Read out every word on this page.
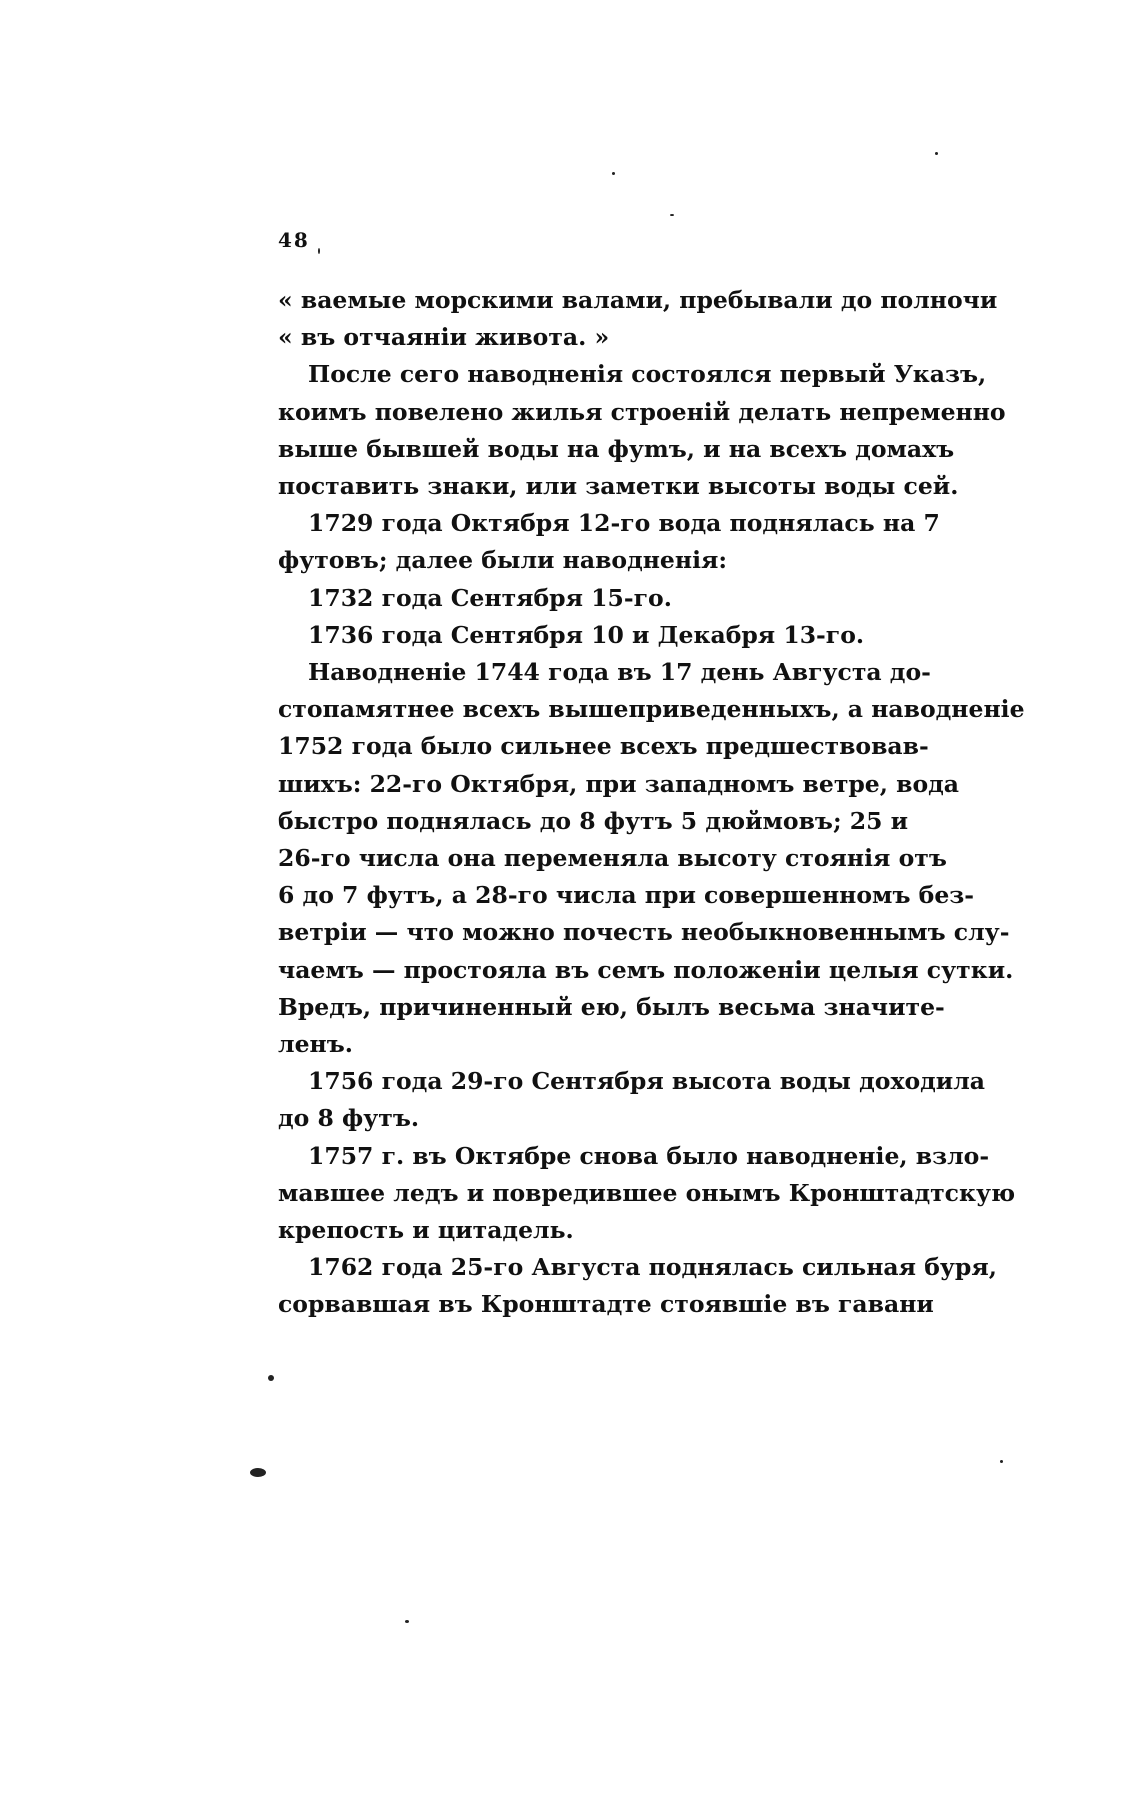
48
« ваемые морскими валами, пребывали до полночи
« въ отчаяніи живота. »
После сего наводненія состоялся первый Указъ,
коимъ повелено жилья строеній делать непременно
выше бывшей воды на фуmъ, и на всехъ домахъ
поставить знаки, или заметки высоты воды сей.
1729 года Октября 12-го вода поднялась на 7
футовъ; далее были наводненія:
1732 года Сентября 15-го.
1736 года Сентября 10 и Декабря 13-го.
Наводненіе 1744 года въ 17 день Августа до-
стопамятнее всехъ вышеприведенныхъ, а наводненіе
1752 года было сильнее всехъ предшествовав-
шихъ: 22-го Октября, при западномъ ветре, вода
быстро поднялась до 8 футъ 5 дюймовъ; 25 и
26-го числа она переменяла высоту стоянія отъ
6 до 7 футъ, а 28-го числа при совершенномъ без-
ветріи — что можно почесть необыкновеннымъ слу-
чаемъ — простояла въ семъ положеніи целыя сутки.
Вредъ, причиненный ею, былъ весьма значите-
ленъ.
1756 года 29-го Сентября высота воды доходила
до 8 футъ.
1757 г. въ Октябре снова было наводненіе, взло-
мавшее ледъ и повредившее онымъ Кронштадтскую
крепость и цитадель.
1762 года 25-го Августа поднялась сильная буря,
сорвавшая въ Кронштадте стоявшіе въ гавани
